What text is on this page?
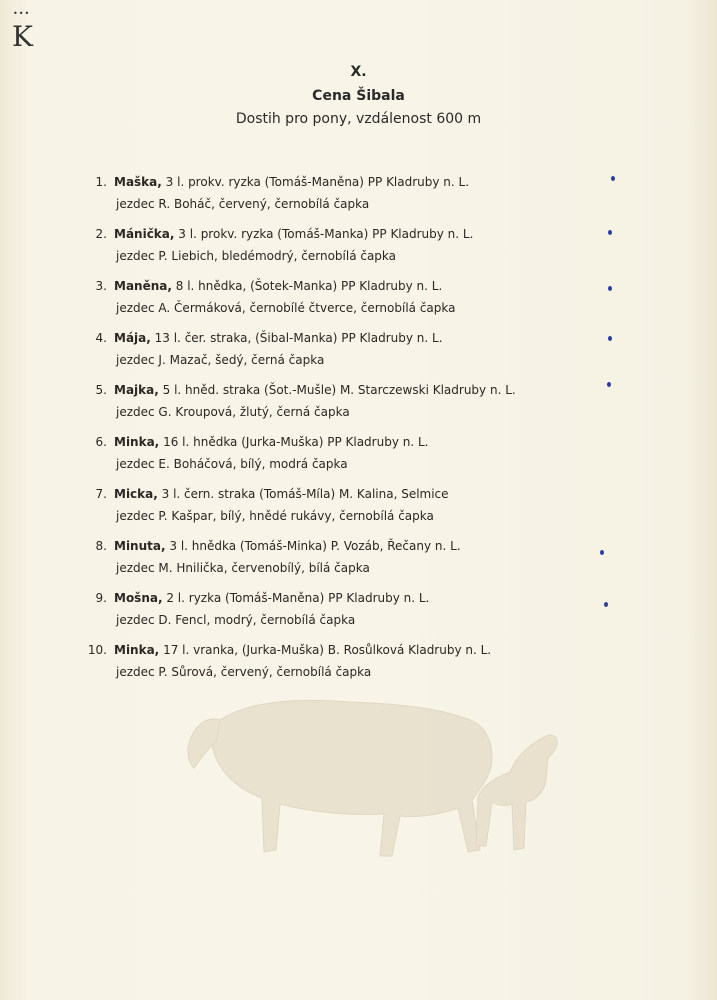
•••
K
X.
Cena Šibala
Dostih pro pony, vzdálenost 600 m
1. Maška, 3 l. prokv. ryzka (Tomáš-Maněna) PP Kladruby n. L.
jezdec R. Boháč, červený, černobílá čapka
2. Mánička, 3 l. prokv. ryzka (Tomáš-Manka) PP Kladruby n. L.
jezdec P. Liebich, bledémodrý, černobílá čapka
3. Maněna, 8 l. hnědka, (Šotek-Manka) PP Kladruby n. L.
jezdec A. Čermáková, černobílé čtverce, černobílá čapka
4. Mája, 13 l. čer. straka, (Šibal-Manka) PP Kladruby n. L.
jezdec J. Mazač, šedý, černá čapka
5. Majka, 5 l. hněd. straka (Šot.-Mušle) M. Starczewski Kladruby n. L.
jezdec G. Kroupová, žlutý, černá čapka
6. Minka, 16 l. hnědka (Jurka-Muška) PP Kladruby n. L.
jezdec E. Boháčová, bílý, modrá čapka
7. Micka, 3 l. čern. straka (Tomáš-Míla) M. Kalina, Selmice
jezdec P. Kašpar, bílý, hnědé rukávy, černobílá čapka
8. Minuta, 3 l. hnědka (Tomáš-Minka) P. Vozáb, Řečany n. L.
jezdec M. Hnilička, červenobílý, bílá čapka
9. Mošna, 2 l. ryzka (Tomáš-Maněna) PP Kladruby n. L.
jezdec D. Fencl, modrý, černobílá čapka
10. Minka, 17 l. vranka, (Jurka-Muška) B. Rosůlková Kladruby n. L.
jezdec P. Sůrová, červený, černobílá čapka
